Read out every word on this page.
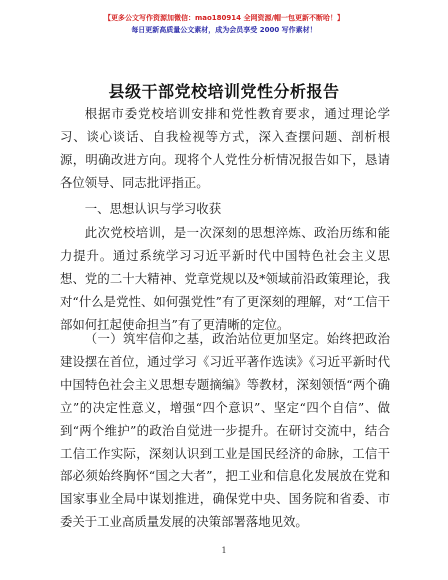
【更多公文写作资源加微信：mao180914 全网资源/帽一包更新不断哈！】
每日更新高质量公文素材，成为会员享受 2000 写作素材！
县级干部党校培训党性分析报告

根据市委党校培训安排和党性教育要求，通过理论学习、谈心谈话、自我检视等方式，深入查摆问题、剖析根源，明确改进方向。现将个人党性分析情况报告如下，恳请各位领导、同志批评指正。

一、思想认识与学习收获

此次党校培训，是一次深刻的思想淬炼、政治历练和能力提升。通过系统学习习近平新时代中国特色社会主义思想、党的二十大精神、党章党规以及*领域前沿政策理论，我对“什么是党性、如何强党性”有了更深刻的理解，对“工信干部如何扛起使命担当”有了更清晰的定位。

（一）筑牢信仰之基，政治站位更加坚定。始终把政治建设摆在首位，通过学习《习近平著作选读》《习近平新时代中国特色社会主义思想专题摘编》等教材，深刻领悟“两个确立”的决定性意义，增强“四个意识”、坚定“四个自信”、做到“两个维护”的政治自觉进一步提升。在研讨交流中，结合工信工作实际，深刻认识到工业是国民经济的命脉，工信干部必须始终胸怀“国之大者”，把工业和信息化发展放在党和国家事业全局中谋划推进，确保党中央、国务院和省委、市委关于工业高质量发展的决策部署落地见效。

1
